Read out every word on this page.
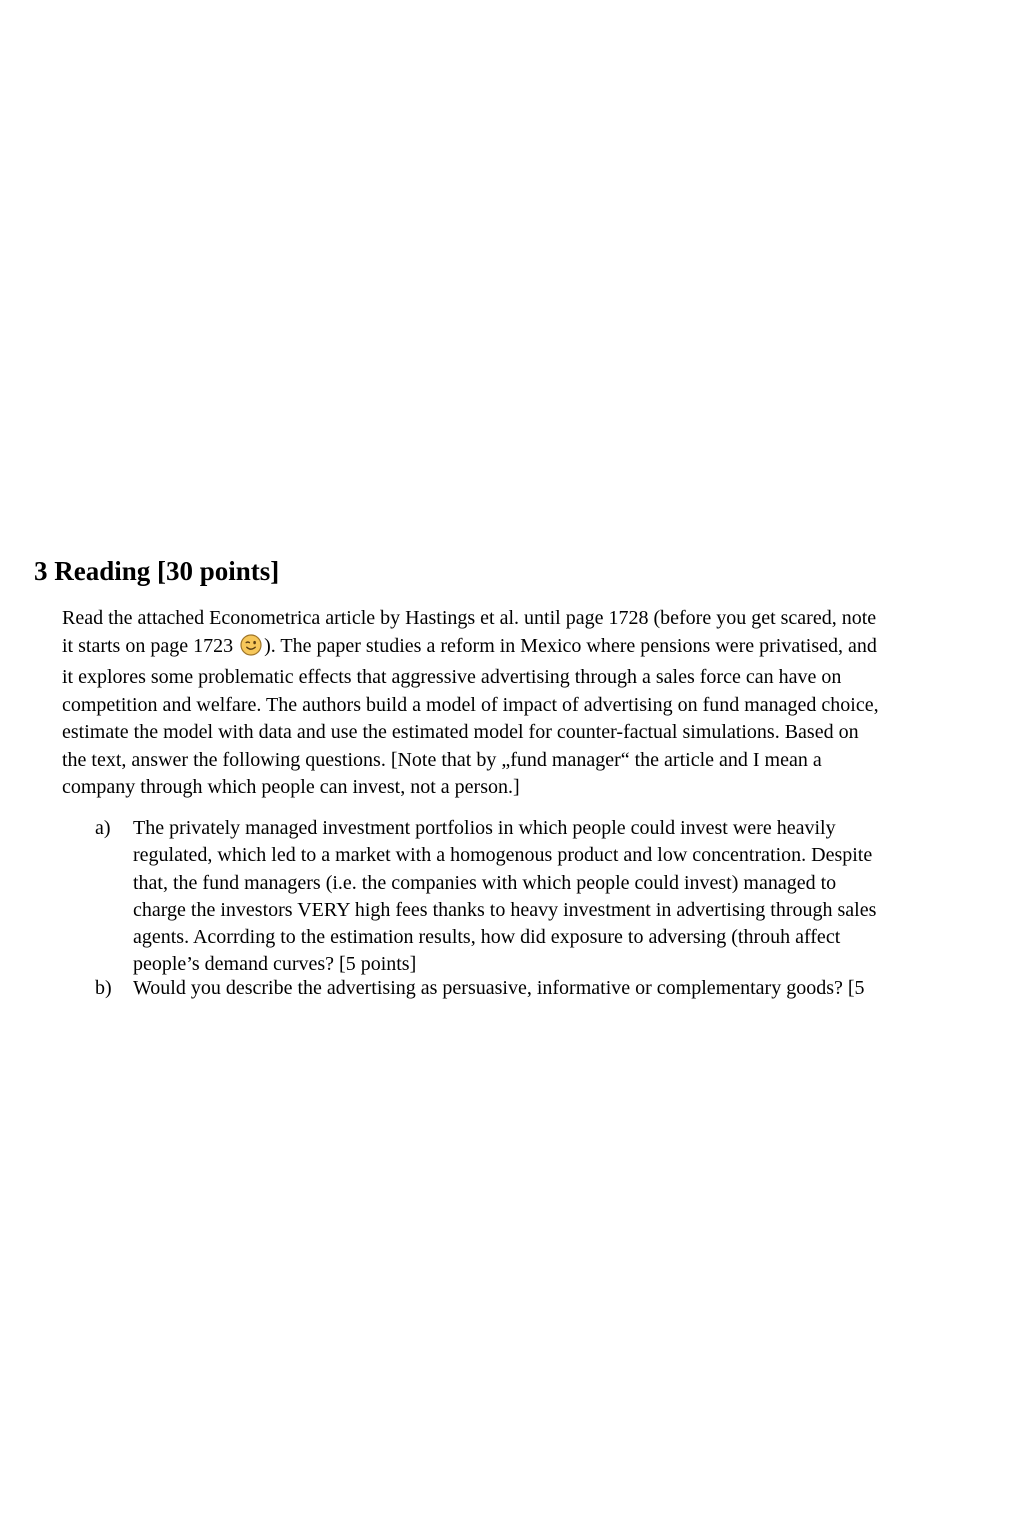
3 Reading [30 points]
Read the attached Econometrica article by Hastings et al. until page 1728 (before you get scared, note
it starts on page 1723 ). The paper studies a reform in Mexico where pensions were privatised, and
it explores some problematic effects that aggressive advertising through a sales force can have on
competition and welfare. The authors build a model of impact of advertising on fund managed choice,
estimate the model with data and use the estimated model for counter-factual simulations. Based on
the text, answer the following questions. [Note that by „fund manager“ the article and I mean a
company through which people can invest, not a person.]
a) The privately managed investment portfolios in which people could invest were heavily
regulated, which led to a market with a homogenous product and low concentration. Despite
that, the fund managers (i.e. the companies with which people could invest) managed to
charge the investors VERY high fees thanks to heavy investment in advertising through sales
agents. Acorrding to the estimation results, how did exposure to adversing (throuh affect
people’s demand curves? [5 points]
b) Would you describe the advertising as persuasive, informative or complementary goods? [5
